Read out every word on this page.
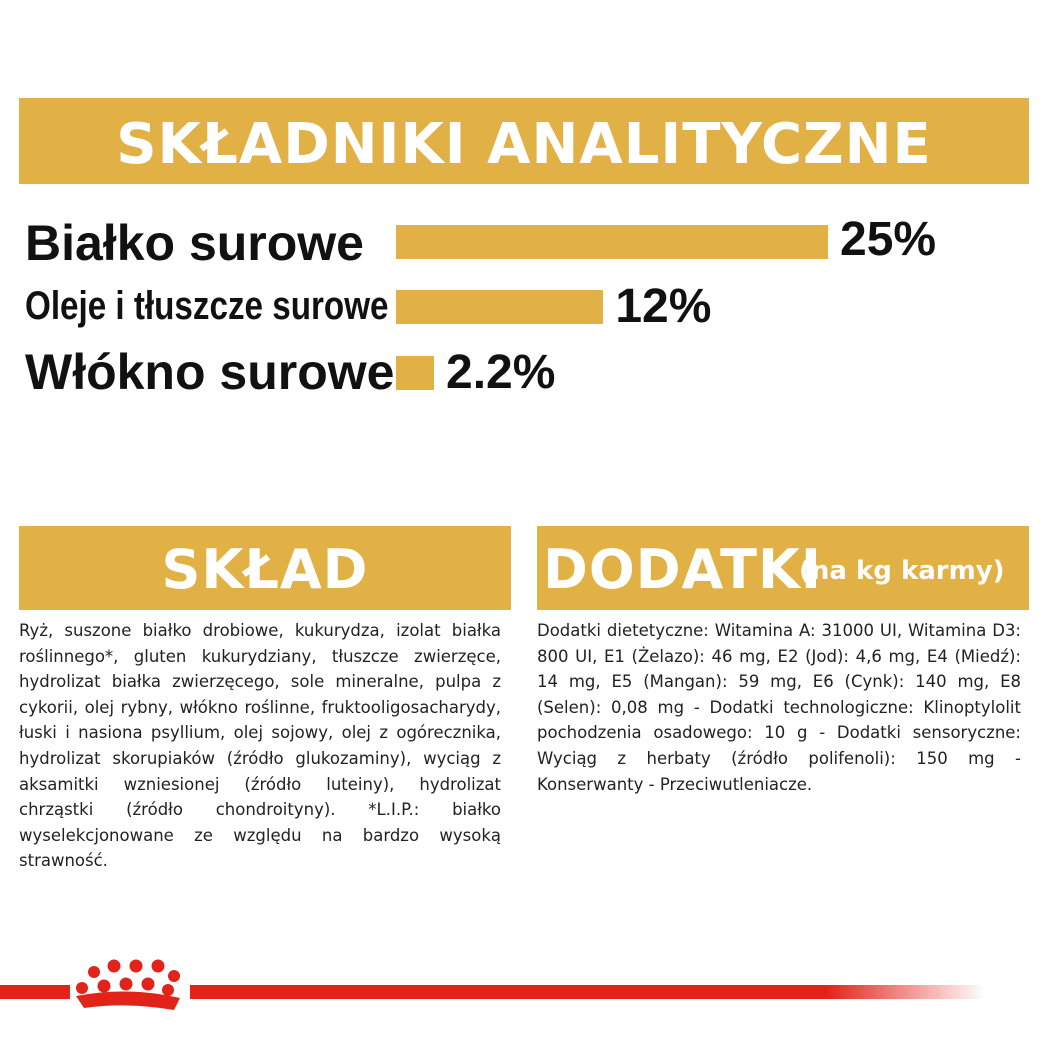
SKŁADNIKI ANALITYCZNE
Białko surowe	25%
Oleje i tłuszcze surowe	12%
Włókno surowe 2.2%
SKŁAD
Ryż, suszone białko drobiowe, kukurydza, izolat białka roślinnego*, gluten kukurydziany, tłuszcze zwierzęce, hydrolizat białka zwierzęcego, sole mineralne, pulpa z cykorii, olej rybny, włókno roślinne, fruktooligosacharydy, łuski i nasiona psyllium, olej sojowy, olej z ogórecznika, hydrolizat skorupiaków (źródło glukozaminy), wyciąg z aksamitki wzniesionej (źródło luteiny), hydrolizat chrząstki (źródło chondroityny). *L.I.P.: białko wyselekcjonowane ze względu na bardzo wysoką strawność.
DODATKI
(na kg karmy)
Dodatki dietetyczne: Witamina A: 31000 UI, Witamina D3: 800 UI, E1 (Żelazo): 46 mg, E2 (Jod): 4,6 mg, E4 (Miedź): 14 mg, E5 (Mangan): 59 mg, E6 (Cynk): 140 mg, E8 (Selen): 0,08 mg - Dodatki technologiczne: Klinoptylolit pochodzenia osadowego: 10 g - Dodatki sensoryczne: Wyciąg z herbaty (źródło polifenoli): 150 mg - Konserwanty - Przeciwutleniacze.
